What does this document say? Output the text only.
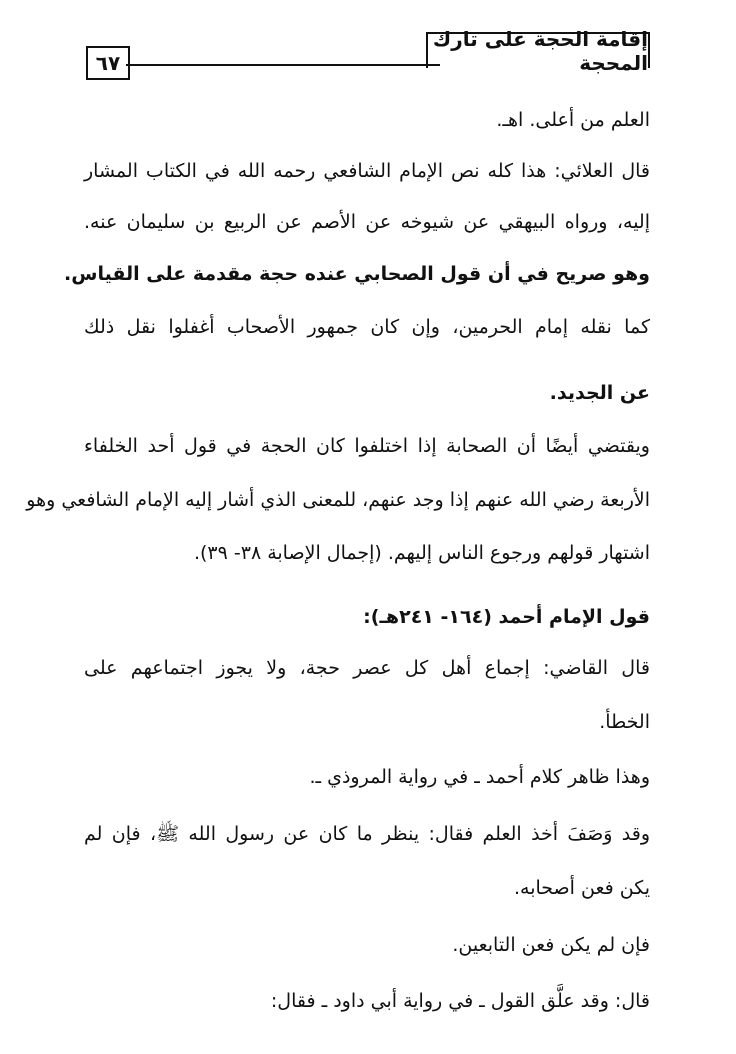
٦٧
إقامة الحجة على تارك المحجة
العلم من أعلى. اهـ.
قال العلائي: هذا كله نص الإمام الشافعي رحمه الله في الكتاب المشار
إليه، ورواه البيهقي عن شيوخه عن الأصم عن الربيع بن سليمان عنه.
وهو صريح في أن قول الصحابي عنده حجة مقدمة على القياس.
كما نقله إمام الحرمين، وإن كان جمهور الأصحاب أغفلوا نقل ذلك
عن الجديد.
ويقتضي أيضًا أن الصحابة إذا اختلفوا كان الحجة في قول أحد الخلفاء
الأربعة رضي الله عنهم إذا وجد عنهم، للمعنى الذي أشار إليه الإمام الشافعي وهو
اشتهار قولهم ورجوع الناس إليهم. (إجمال الإصابة ٣٨- ٣٩).
قول الإمام أحمد (١٦٤- ٢٤١هـ):
قال القاضي: إجماع أهل كل عصر حجة، ولا يجوز اجتماعهم على
الخطأ.
وهذا ظاهر كلام أحمد ـ في رواية المروذي ـ.
وقد وَصَفَ أخذ العلم فقال: ينظر ما كان عن رسول الله ﷺ، فإن لم
يكن فعن أصحابه.
فإن لم يكن فعن التابعين.
قال: وقد علَّق القول ـ في رواية أبي داود ـ فقال:
